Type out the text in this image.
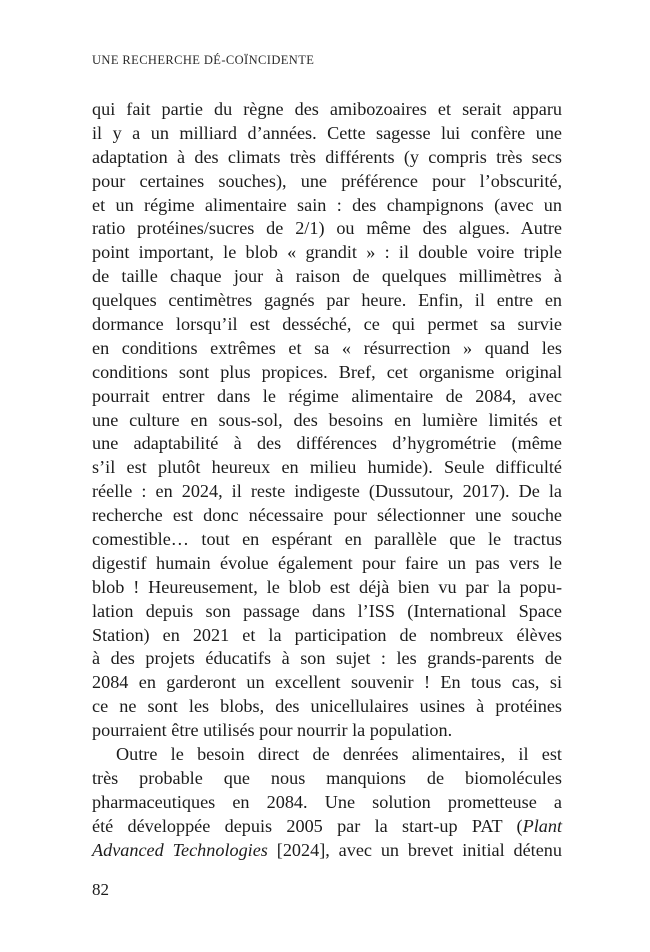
UNE RECHERCHE DÉ-COÏNCIDENTE
qui fait partie du règne des amibozoaires et serait apparu
il y a un milliard d’années. Cette sagesse lui confère une
adaptation à des climats très différents (y compris très secs
pour certaines souches), une préférence pour l’obscurité,
et un régime alimentaire sain : des champignons (avec un
ratio protéines/sucres de 2/1) ou même des algues. Autre
point important, le blob « grandit » : il double voire triple
de taille chaque jour à raison de quelques millimètres à
quelques centimètres gagnés par heure. Enfin, il entre en
dormance lorsqu’il est desséché, ce qui permet sa survie
en conditions extrêmes et sa « résurrection » quand les
conditions sont plus propices. Bref, cet organisme original
pourrait entrer dans le régime alimentaire de 2084, avec
une culture en sous-sol, des besoins en lumière limités et
une adaptabilité à des différences d’hygrométrie (même
s’il est plutôt heureux en milieu humide). Seule difficulté
réelle : en 2024, il reste indigeste (Dussutour, 2017). De la
recherche est donc nécessaire pour sélectionner une souche
comestible… tout en espérant en parallèle que le tractus
digestif humain évolue également pour faire un pas vers le
blob ! Heureusement, le blob est déjà bien vu par la popu-
lation depuis son passage dans l’ISS (International Space
Station) en 2021 et la participation de nombreux élèves
à des projets éducatifs à son sujet : les grands-parents de
2084 en garderont un excellent souvenir ! En tous cas, si
ce ne sont les blobs, des unicellulaires usines à protéines
pourraient être utilisés pour nourrir la population.
Outre le besoin direct de denrées alimentaires, il est
très probable que nous manquions de biomolécules
pharmaceutiques en 2084. Une solution prometteuse a
été développée depuis 2005 par la start-up PAT (Plant
Advanced Technologies [2024], avec un brevet initial détenu
82
